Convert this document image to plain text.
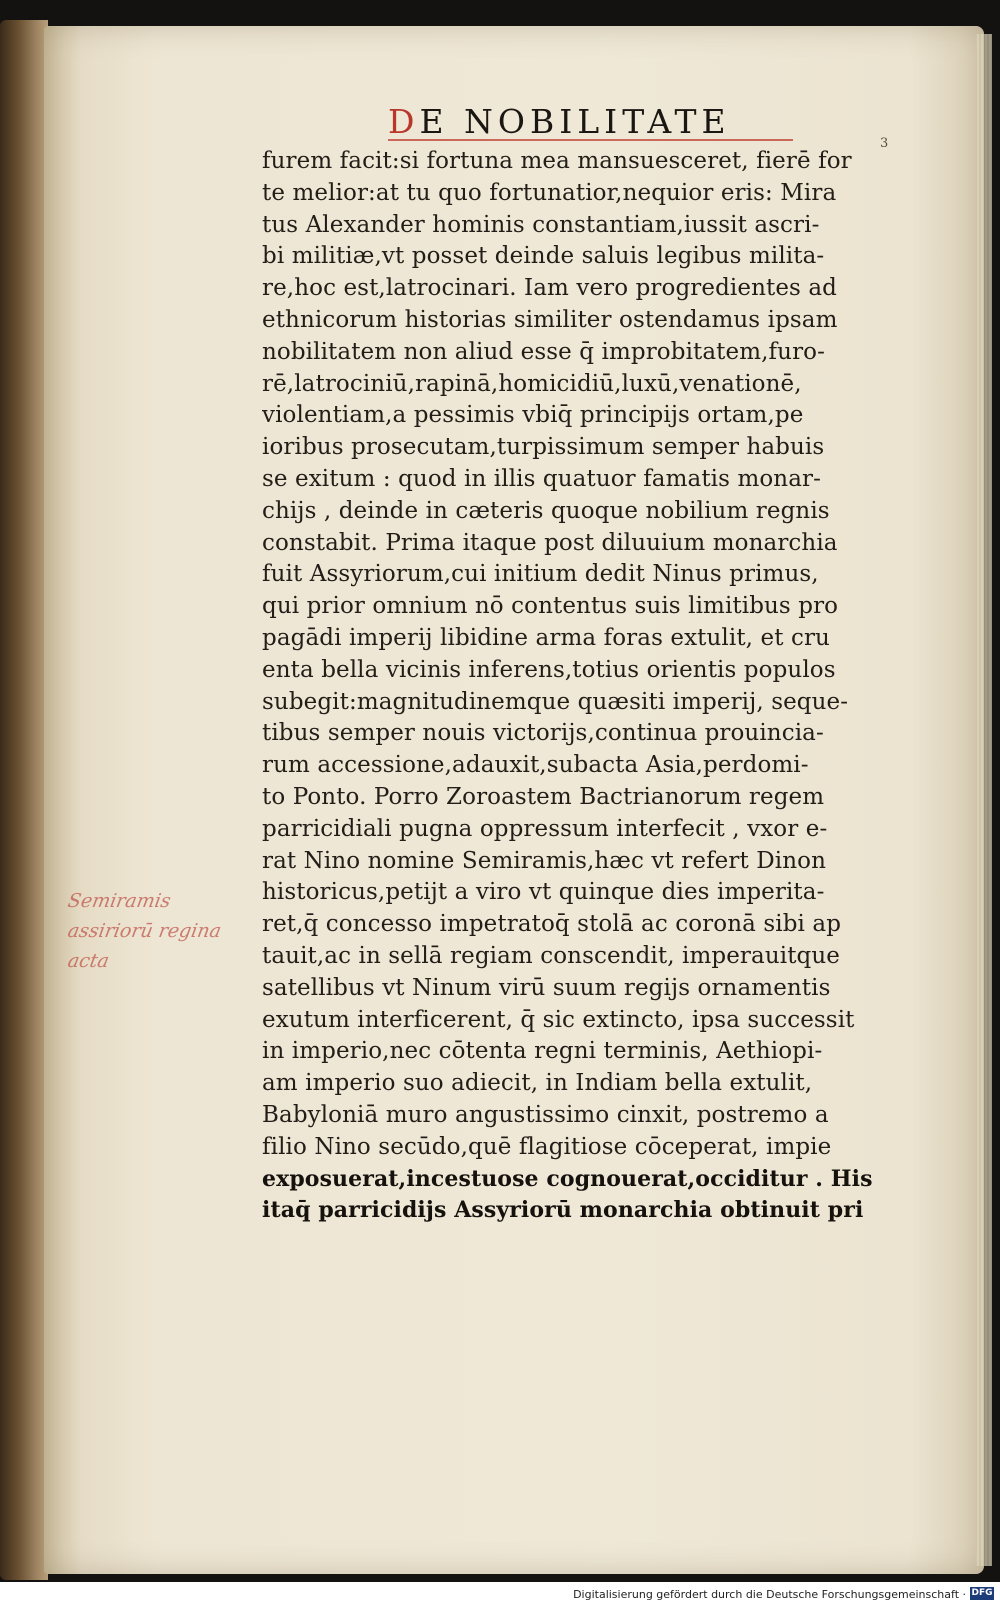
DE NOBILITATE
3
furem facit:si fortuna mea mansuesceret, fierē for
te melior:at tu quo fortunatior,nequior eris: Mira
tus Alexander hominis constantiam,iussit ascri-
bi militiæ,vt posset deinde saluis legibus milita-
re,hoc est,latrocinari. Iam vero progredientes ad
ethnicorum historias similiter ostendamus ipsam
nobilitatem non aliud esse q̄ improbitatem,furo-
rē,latrociniū,rapinā,homicidiū,luxū,venationē,
violentiam,a pessimis vbiq̄ principijs ortam,pe
ioribus prosecutam,turpissimum semper habuis
se exitum : quod in illis quatuor famatis monar-
chijs , deinde in cæteris quoque nobilium regnis
constabit. Prima itaque post diluuium monarchia
fuit Assyriorum,cui initium dedit Ninus primus,
qui prior omnium nō contentus suis limitibus pro
pagādi imperij libidine arma foras extulit, et cru
enta bella vicinis inferens,totius orientis populos
subegit:magnitudinemque quæsiti imperij, seque-
tibus semper nouis victorijs,continua prouincia-
rum accessione,adauxit,subacta Asia,perdomi-
to Ponto. Porro Zoroastem Bactrianorum regem
parricidiali pugna oppressum interfecit , vxor e-
rat Nino nomine Semiramis,hæc vt refert Dinon
historicus,petijt a viro vt quinque dies imperita-
ret,q̄ concesso impetratoq̄ stolā ac coronā sibi ap
tauit,ac in sellā regiam conscendit, imperauitque
satellibus vt Ninum virū suum regijs ornamentis
exutum interficerent, q̄ sic extincto, ipsa successit
in imperio,nec cōtenta regni terminis, Aethiopi-
am imperio suo adiecit, in Indiam bella extulit,
Babyloniā muro angustissimo cinxit, postremo a
filio Nino secūdo,quē flagitiose cōceperat, impie
exposuerat,incestuose cognouerat,occiditur . His
itaq̄ parricidijs Assyriorū monarchia obtinuit pri
Semiramis
assiriorū regina
acta
Digitalisierung gefördert durch die Deutsche Forschungsgemeinschaft · DFG
